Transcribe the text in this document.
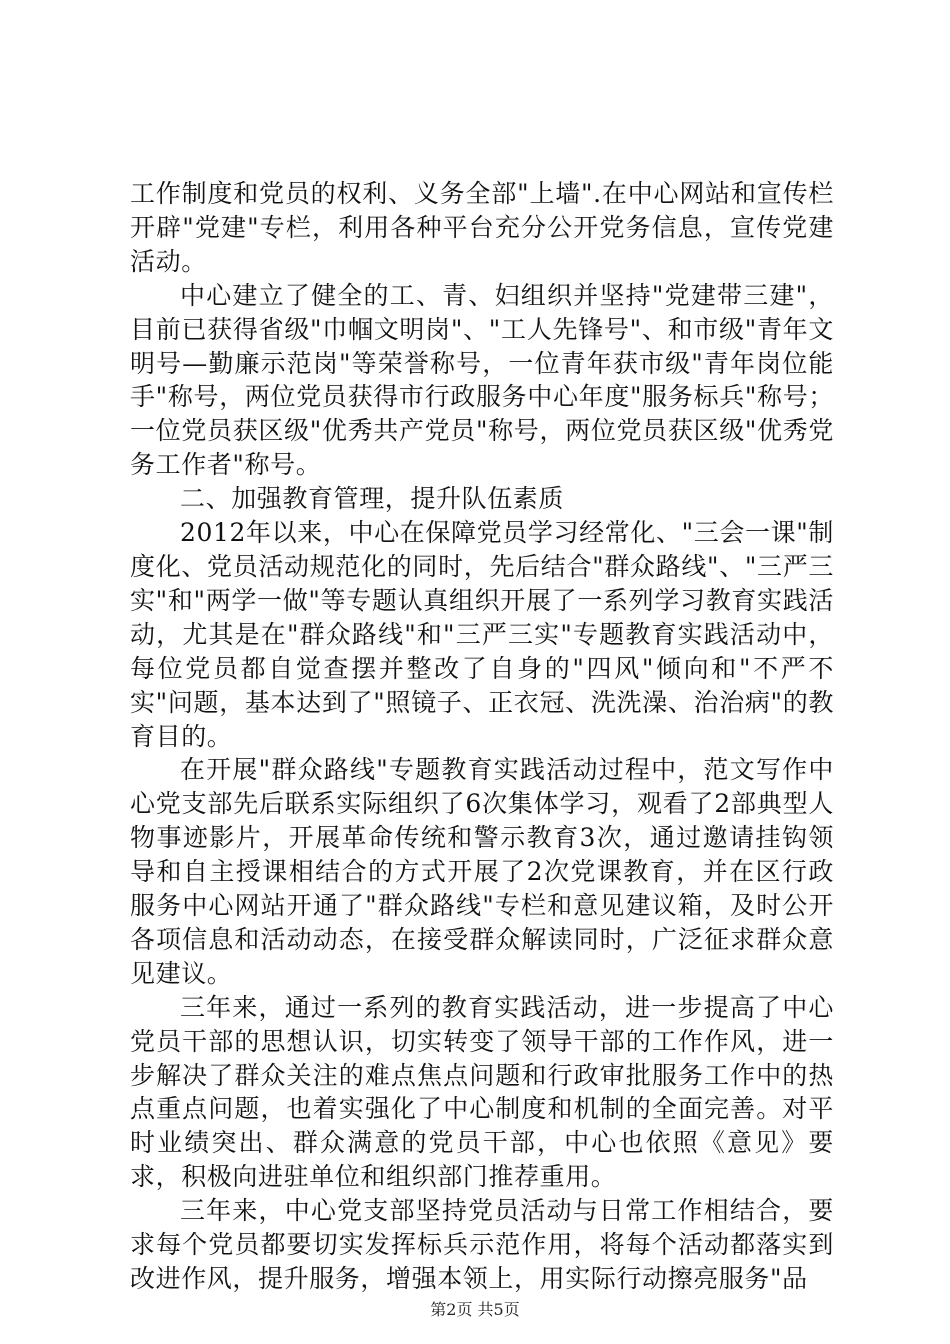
工作制度和党员的权利、义务全部"上墙".在中心网站和宣传栏开辟"党建"专栏，利用各种平台充分公开党务信息，宣传党建活动。

中心建立了健全的工、青、妇组织并坚持"党建带三建"，目前已获得省级"巾帼文明岗"、"工人先锋号"、和市级"青年文明号—勤廉示范岗"等荣誉称号，一位青年获市级"青年岗位能手"称号，两位党员获得市行政服务中心年度"服务标兵"称号；一位党员获区级"优秀共产党员"称号，两位党员获区级"优秀党务工作者"称号。

二、加强教育管理，提升队伍素质

2012年以来，中心在保障党员学习经常化、"三会一课"制度化、党员活动规范化的同时，先后结合"群众路线"、"三严三实"和"两学一做"等专题认真组织开展了一系列学习教育实践活动，尤其是在"群众路线"和"三严三实"专题教育实践活动中，每位党员都自觉查摆并整改了自身的"四风"倾向和"不严不实"问题，基本达到了"照镜子、正衣冠、洗洗澡、治治病"的教育目的。

在开展"群众路线"专题教育实践活动过程中，范文写作中心党支部先后联系实际组织了6次集体学习，观看了2部典型人物事迹影片，开展革命传统和警示教育3次，通过邀请挂钩领导和自主授课相结合的方式开展了2次党课教育，并在区行政服务中心网站开通了"群众路线"专栏和意见建议箱，及时公开各项信息和活动动态，在接受群众解读同时，广泛征求群众意见建议。

三年来，通过一系列的教育实践活动，进一步提高了中心党员干部的思想认识，切实转变了领导干部的工作作风，进一步解决了群众关注的难点焦点问题和行政审批服务工作中的热点重点问题，也着实强化了中心制度和机制的全面完善。对平时业绩突出、群众满意的党员干部，中心也依照《意见》要求，积极向进驻单位和组织部门推荐重用。

三年来，中心党支部坚持党员活动与日常工作相结合，要求每个党员都要切实发挥标兵示范作用，将每个活动都落实到改进作风，提升服务，增强本领上，用实际行动擦亮服务"品

第2页 共5页
